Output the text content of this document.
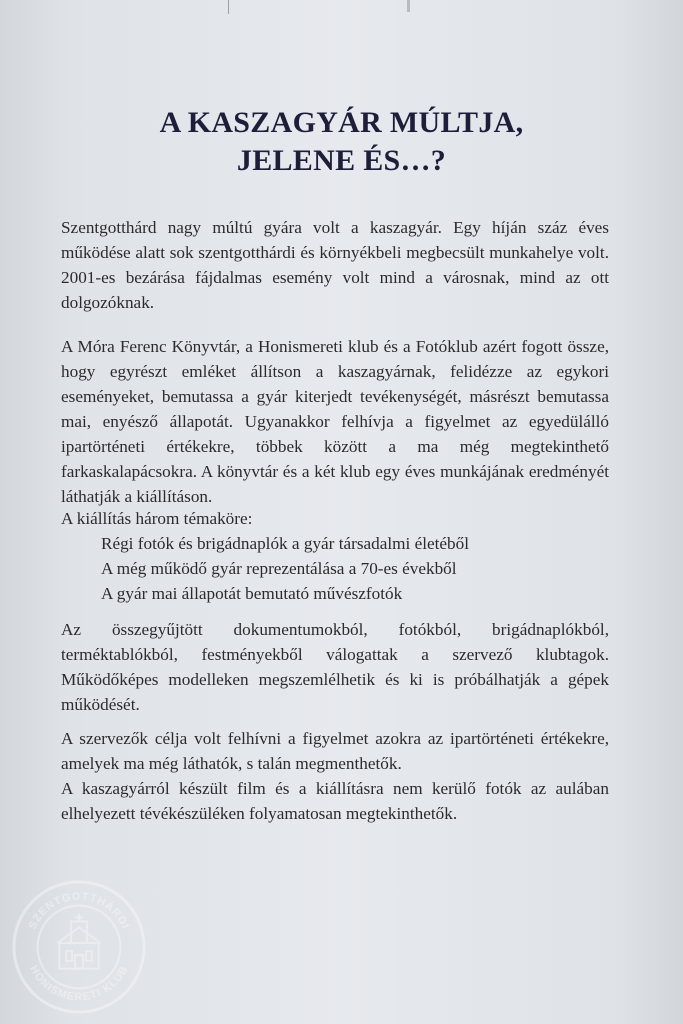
A KASZAGYÁR MÚLTJA,
JELENE ÉS…?
Szentgotthárd nagy múltú gyára volt a kaszagyár. Egy híján száz éves működése alatt sok szentgotthárdi és környékbeli megbecsült munkahelye volt. 2001-es bezárása fájdalmas esemény volt mind a városnak, mind az ott dolgozóknak.
A Móra Ferenc Könyvtár, a Honismereti klub és a Fotóklub azért fogott össze, hogy egyrészt emléket állítson a kaszagyárnak, felidézze az egykori eseményeket, bemutassa a gyár kiterjedt tevékenységét, másrészt bemutassa mai, enyésző állapotát. Ugyanakkor felhívja a figyelmet az egyedülálló ipartörténeti értékekre, többek között a ma még megtekinthető farkaskalapácsokra. A könyvtár és a két klub egy éves munkájának eredményét láthatják a kiállításon.
A kiállítás három témaköre:
Régi fotók és brigádnaplók a gyár társadalmi életéből
A még működő gyár reprezentálása a 70-es évekből
A gyár mai állapotát bemutató művészfotók
Az összegyűjtött dokumentumokból, fotókból, brigádnaplókból, terméktablókból, festményekből válogattak a szervező klubtagok. Működőképes modelleken megszemlélhetik és ki is próbálhatják a gépek működését.
A szervezők célja volt felhívni a figyelmet azokra az ipartörténeti értékekre, amelyek ma még láthatók, s talán megmenthetők.
A kaszagyárról készült film és a kiállításra nem kerülő fotók az aulában elhelyezett tévékészüléken folyamatosan megtekinthetők.
SZENTGOTTHÁRDI
HONISMERETI KLUB
